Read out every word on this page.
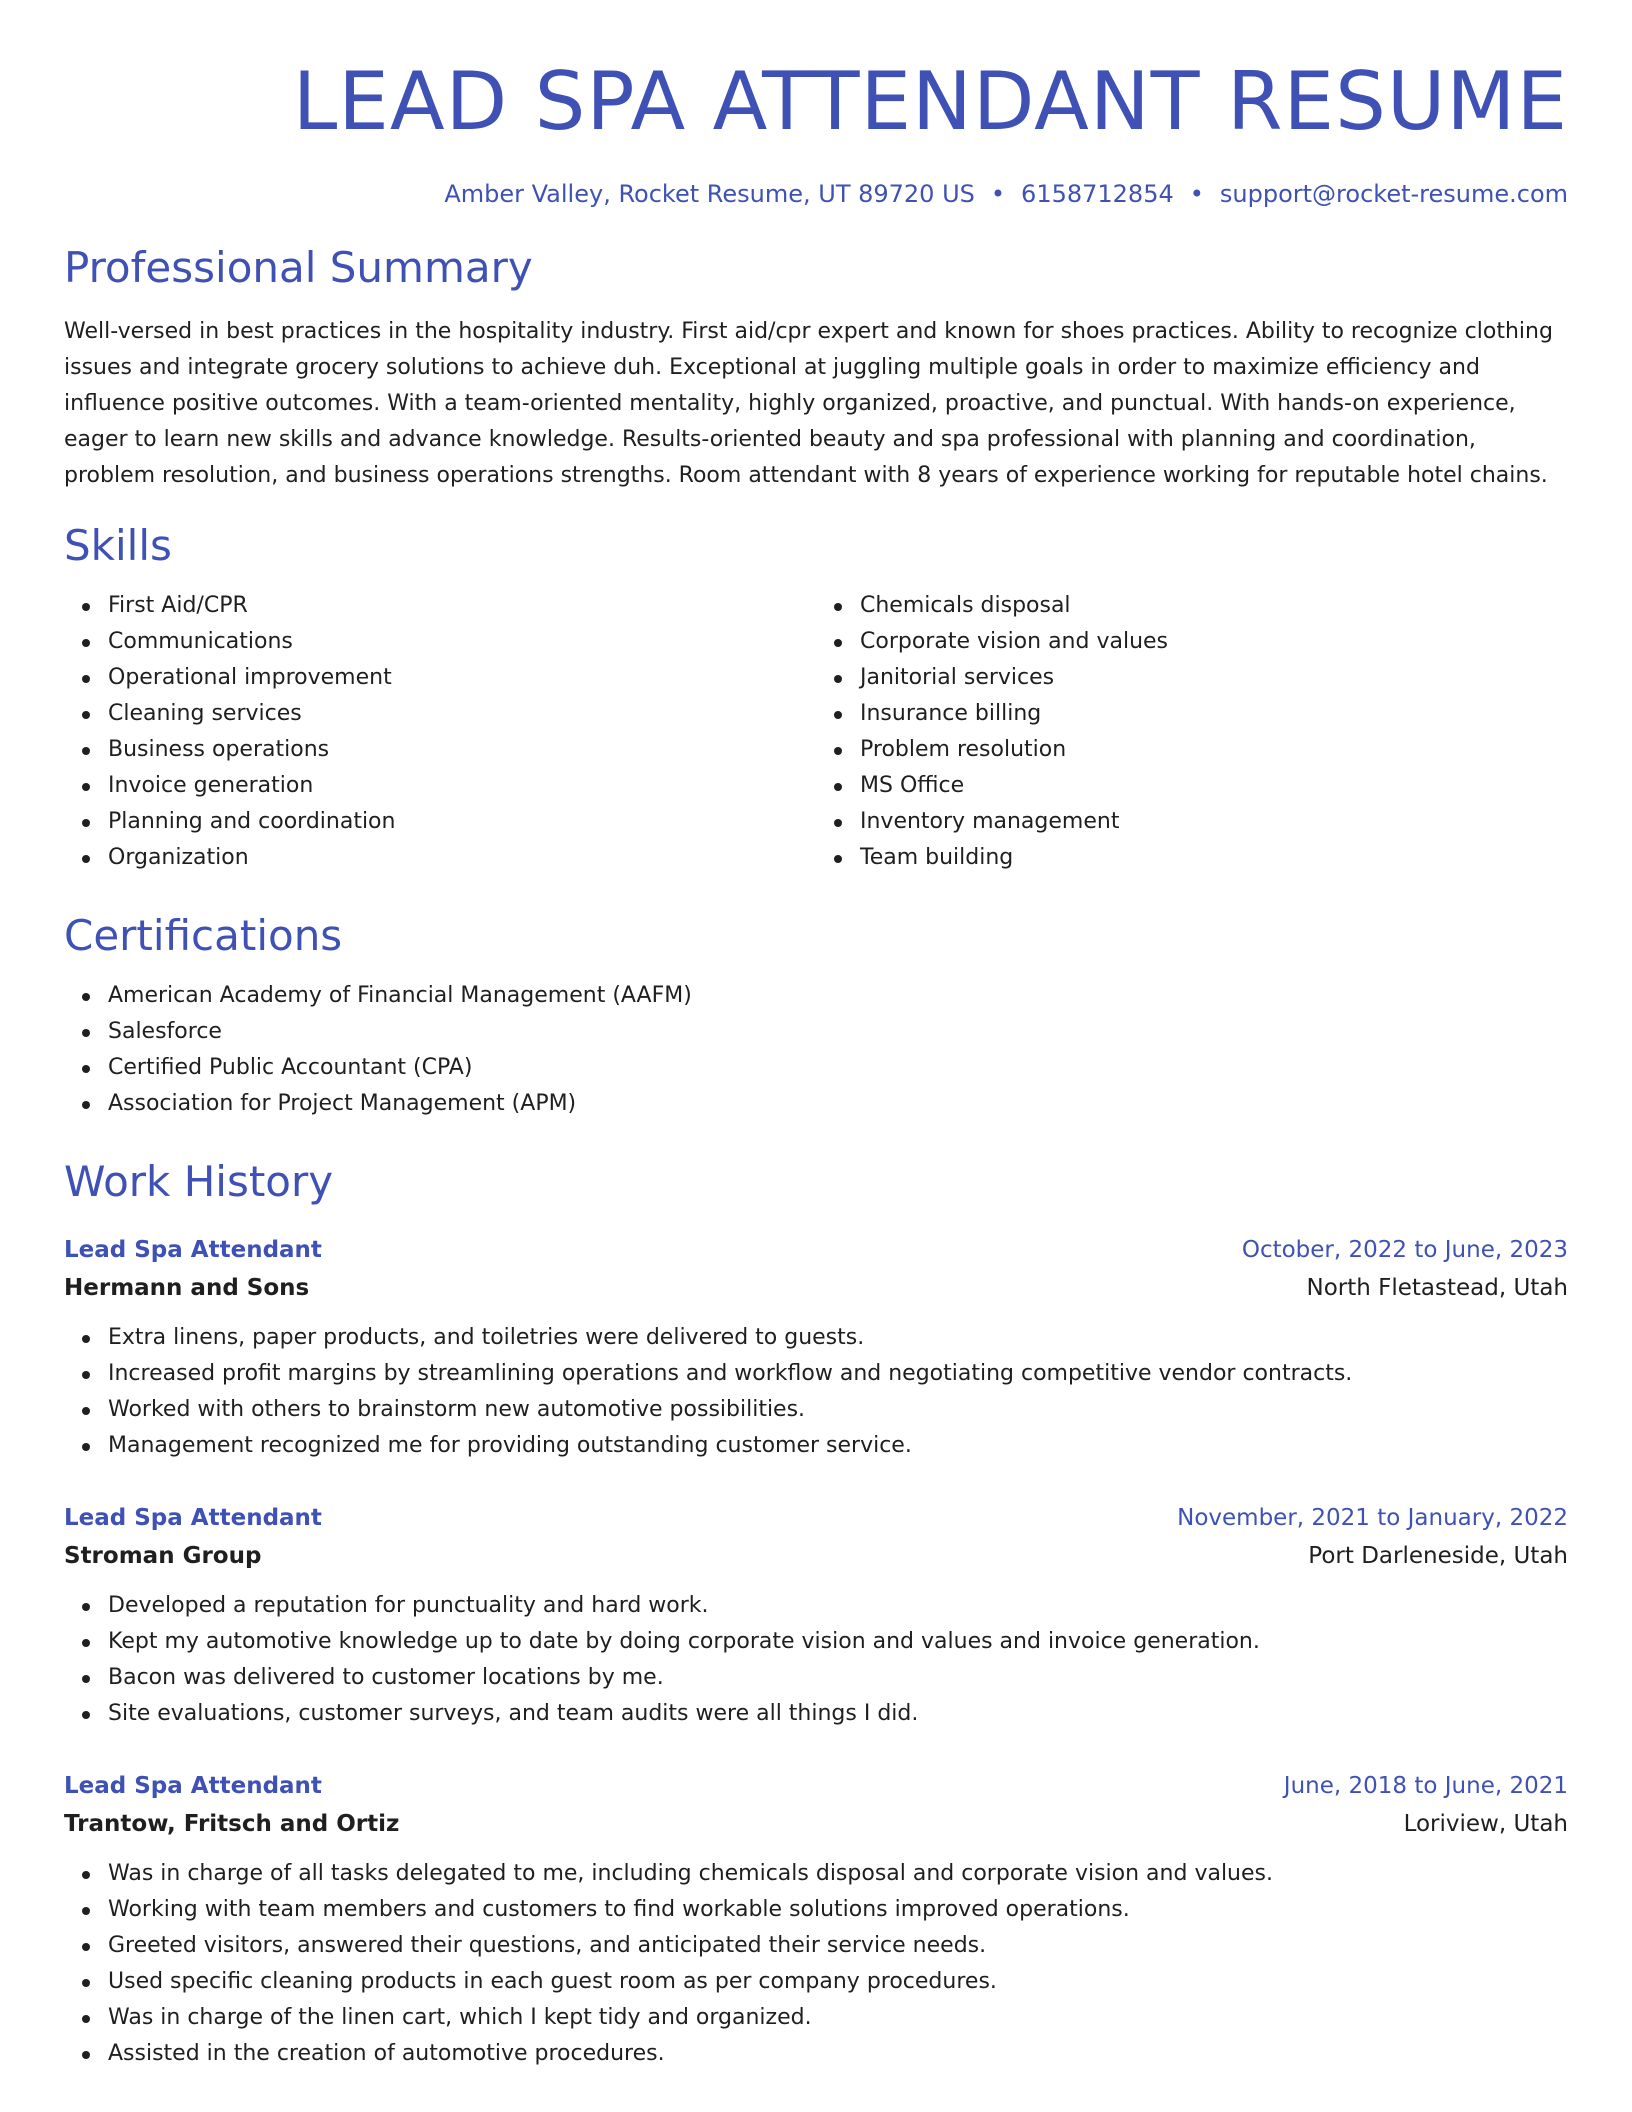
LEAD SPA ATTENDANT RESUME
Amber Valley, Rocket Resume, UT 89720 US • 6158712854 • support@rocket-resume.com
Professional Summary
Well-versed in best practices in the hospitality industry. First aid/cpr expert and known for shoes practices. Ability to recognize clothing issues and integrate grocery solutions to achieve duh. Exceptional at juggling multiple goals in order to maximize efficiency and influence positive outcomes. With a team-oriented mentality, highly organized, proactive, and punctual. With hands-on experience, eager to learn new skills and advance knowledge. Results-oriented beauty and spa professional with planning and coordination, problem resolution, and business operations strengths. Room attendant with 8 years of experience working for reputable hotel chains.
Skills
First Aid/CPR
Communications
Operational improvement
Cleaning services
Business operations
Invoice generation
Planning and coordination
Organization
Chemicals disposal
Corporate vision and values
Janitorial services
Insurance billing
Problem resolution
MS Office
Inventory management
Team building
Certifications
American Academy of Financial Management (AAFM)
Salesforce
Certified Public Accountant (CPA)
Association for Project Management (APM)
Work History
Lead Spa Attendant	October, 2022 to June, 2023
Hermann and Sons	North Fletastead, Utah
Extra linens, paper products, and toiletries were delivered to guests.
Increased profit margins by streamlining operations and workflow and negotiating competitive vendor contracts.
Worked with others to brainstorm new automotive possibilities.
Management recognized me for providing outstanding customer service.
Lead Spa Attendant	November, 2021 to January, 2022
Stroman Group	Port Darleneside, Utah
Developed a reputation for punctuality and hard work.
Kept my automotive knowledge up to date by doing corporate vision and values and invoice generation.
Bacon was delivered to customer locations by me.
Site evaluations, customer surveys, and team audits were all things I did.
Lead Spa Attendant	June, 2018 to June, 2021
Trantow, Fritsch and Ortiz	Loriview, Utah
Was in charge of all tasks delegated to me, including chemicals disposal and corporate vision and values.
Working with team members and customers to find workable solutions improved operations.
Greeted visitors, answered their questions, and anticipated their service needs.
Used specific cleaning products in each guest room as per company procedures.
Was in charge of the linen cart, which I kept tidy and organized.
Assisted in the creation of automotive procedures.
